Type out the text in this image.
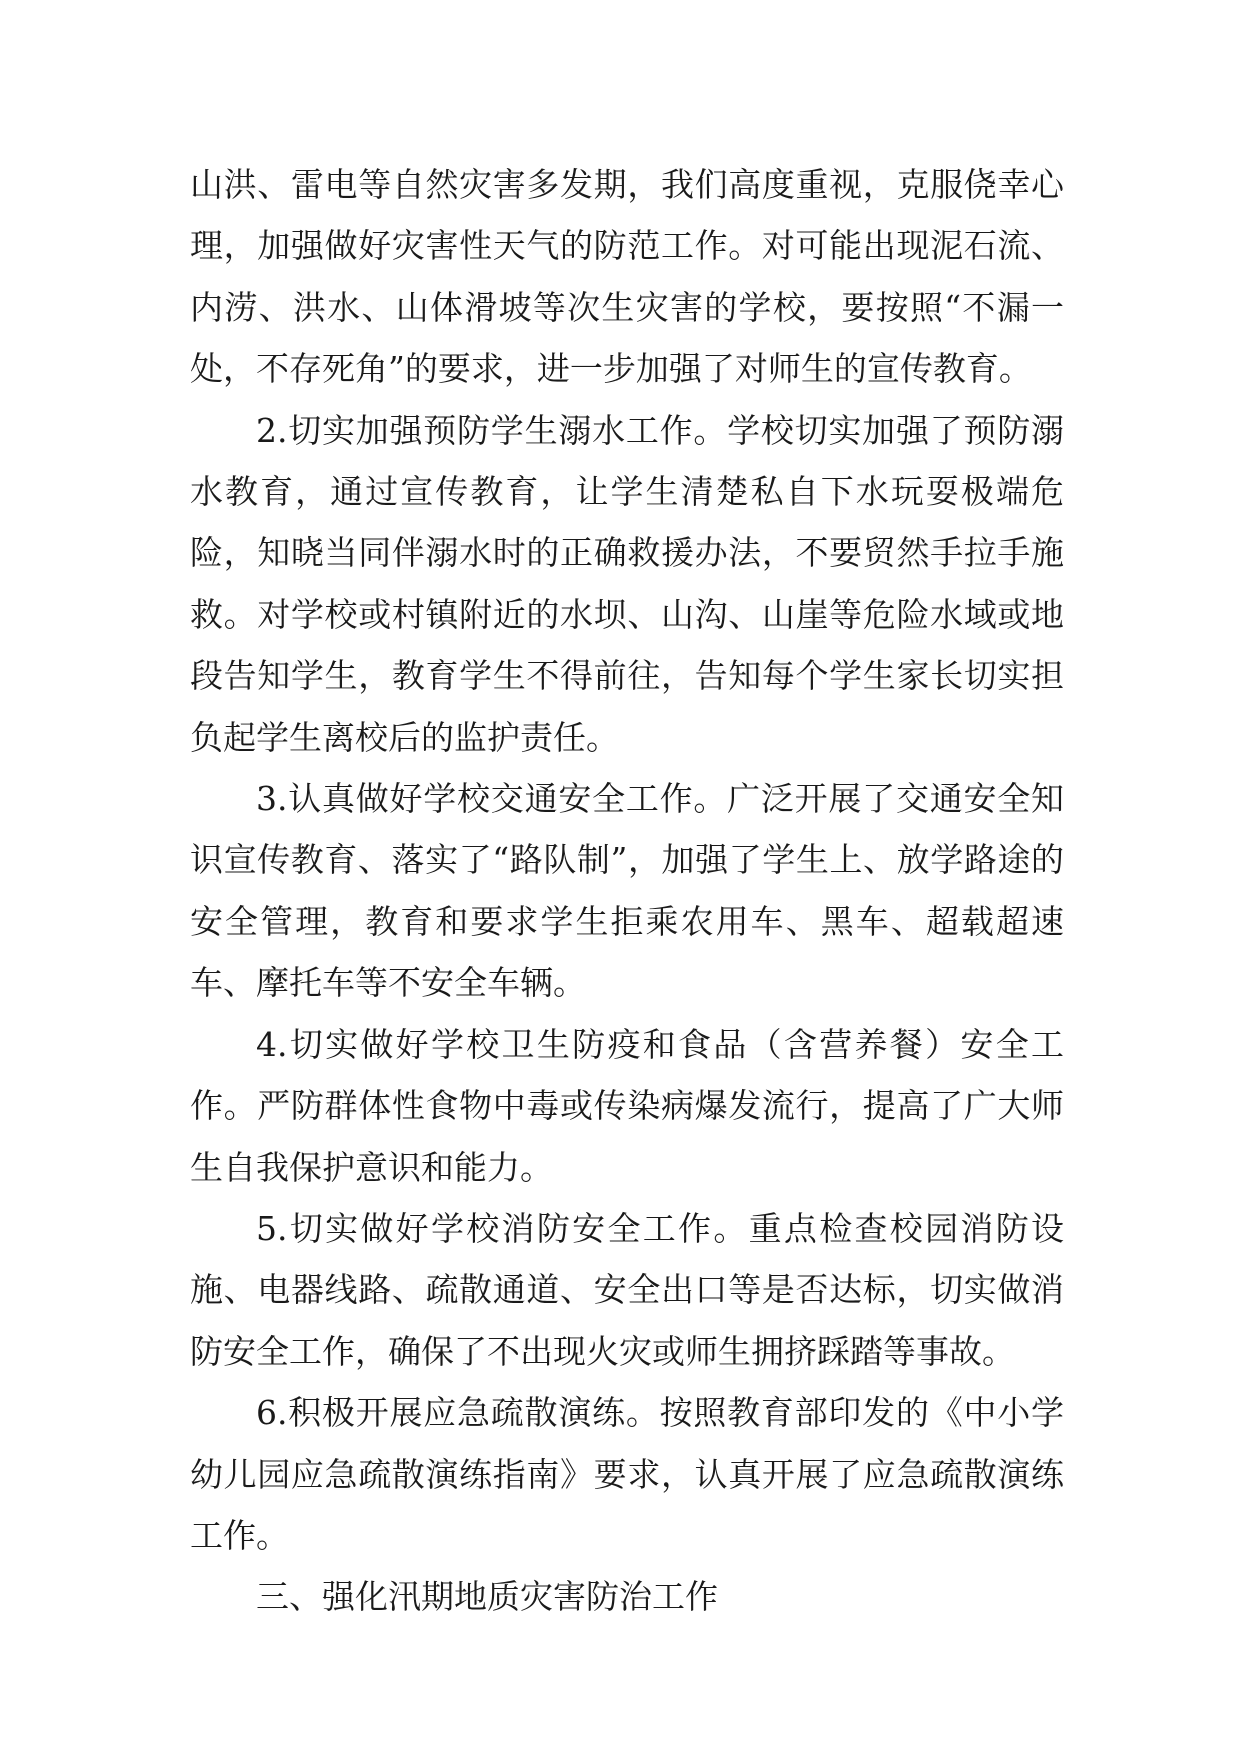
山洪、雷电等自然灾害多发期，我们高度重视，克服侥幸心理，加强做好灾害性天气的防范工作。对可能出现泥石流、内涝、洪水、山体滑坡等次生灾害的学校，要按照“不漏一处，不存死角”的要求，进一步加强了对师生的宣传教育。

2.切实加强预防学生溺水工作。学校切实加强了预防溺水教育，通过宣传教育，让学生清楚私自下水玩耍极端危险，知晓当同伴溺水时的正确救援办法，不要贸然手拉手施救。对学校或村镇附近的水坝、山沟、山崖等危险水域或地段告知学生，教育学生不得前往，告知每个学生家长切实担负起学生离校后的监护责任。

3.认真做好学校交通安全工作。广泛开展了交通安全知识宣传教育、落实了“路队制”，加强了学生上、放学路途的安全管理，教育和要求学生拒乘农用车、黑车、超载超速车、摩托车等不安全车辆。

4.切实做好学校卫生防疫和食品（含营养餐）安全工作。严防群体性食物中毒或传染病爆发流行，提高了广大师生自我保护意识和能力。

5.切实做好学校消防安全工作。重点检查校园消防设施、电器线路、疏散通道、安全出口等是否达标，切实做消防安全工作，确保了不出现火灾或师生拥挤踩踏等事故。

6.积极开展应急疏散演练。按照教育部印发的《中小学幼儿园应急疏散演练指南》要求，认真开展了应急疏散演练工作。

三、强化汛期地质灾害防治工作
